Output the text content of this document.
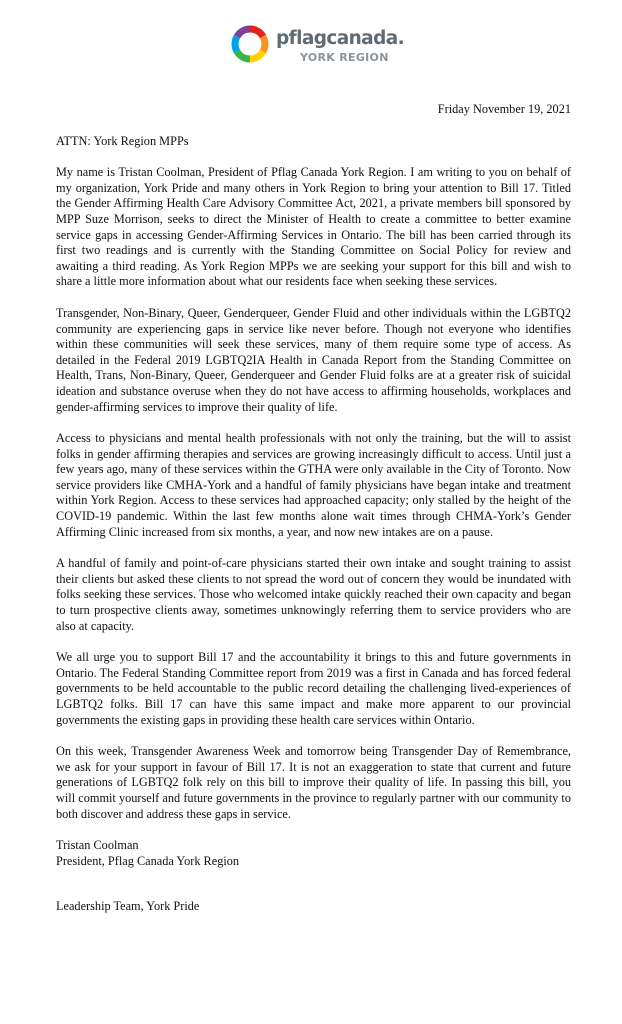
pflagcanada.
YORK REGION

Friday November 19, 2021

ATTN: York Region MPPs

My name is Tristan Coolman, President of Pflag Canada York Region. I am writing to you on behalf of my organization, York Pride and many others in York Region to bring your attention to Bill 17. Titled the Gender Affirming Health Care Advisory Committee Act, 2021, a private members bill sponsored by MPP Suze Morrison, seeks to direct the Minister of Health to create a committee to better examine service gaps in accessing Gender-Affirming Services in Ontario. The bill has been carried through its first two readings and is currently with the Standing Committee on Social Policy for review and awaiting a third reading. As York Region MPPs we are seeking your support for this bill and wish to share a little more information about what our residents face when seeking these services.

Transgender, Non-Binary, Queer, Genderqueer, Gender Fluid and other individuals within the LGBTQ2 community are experiencing gaps in service like never before. Though not everyone who identifies within these communities will seek these services, many of them require some type of access. As detailed in the Federal 2019 LGBTQ2IA Health in Canada Report from the Standing Committee on Health, Trans, Non-Binary, Queer, Genderqueer and Gender Fluid folks are at a greater risk of suicidal ideation and substance overuse when they do not have access to affirming households, workplaces and gender-affirming services to improve their quality of life.

Access to physicians and mental health professionals with not only the training, but the will to assist folks in gender affirming therapies and services are growing increasingly difficult to access. Until just a few years ago, many of these services within the GTHA were only available in the City of Toronto. Now service providers like CMHA-York and a handful of family physicians have began intake and treatment within York Region. Access to these services had approached capacity; only stalled by the height of the COVID-19 pandemic. Within the last few months alone wait times through CHMA-York’s Gender Affirming Clinic increased from six months, a year, and now new intakes are on a pause.

A handful of family and point-of-care physicians started their own intake and sought training to assist their clients but asked these clients to not spread the word out of concern they would be inundated with folks seeking these services. Those who welcomed intake quickly reached their own capacity and began to turn prospective clients away, sometimes unknowingly referring them to service providers who are also at capacity.

We all urge you to support Bill 17 and the accountability it brings to this and future governments in Ontario. The Federal Standing Committee report from 2019 was a first in Canada and has forced federal governments to be held accountable to the public record detailing the challenging lived-experiences of LGBTQ2 folks. Bill 17 can have this same impact and make more apparent to our provincial governments the existing gaps in providing these health care services within Ontario.

On this week, Transgender Awareness Week and tomorrow being Transgender Day of Remembrance, we ask for your support in favour of Bill 17. It is not an exaggeration to state that current and future generations of LGBTQ2 folk rely on this bill to improve their quality of life. In passing this bill, you will commit yourself and future governments in the province to regularly partner with our community to both discover and address these gaps in service.

Tristan Coolman

President, Pflag Canada York Region

Leadership Team, York Pride
